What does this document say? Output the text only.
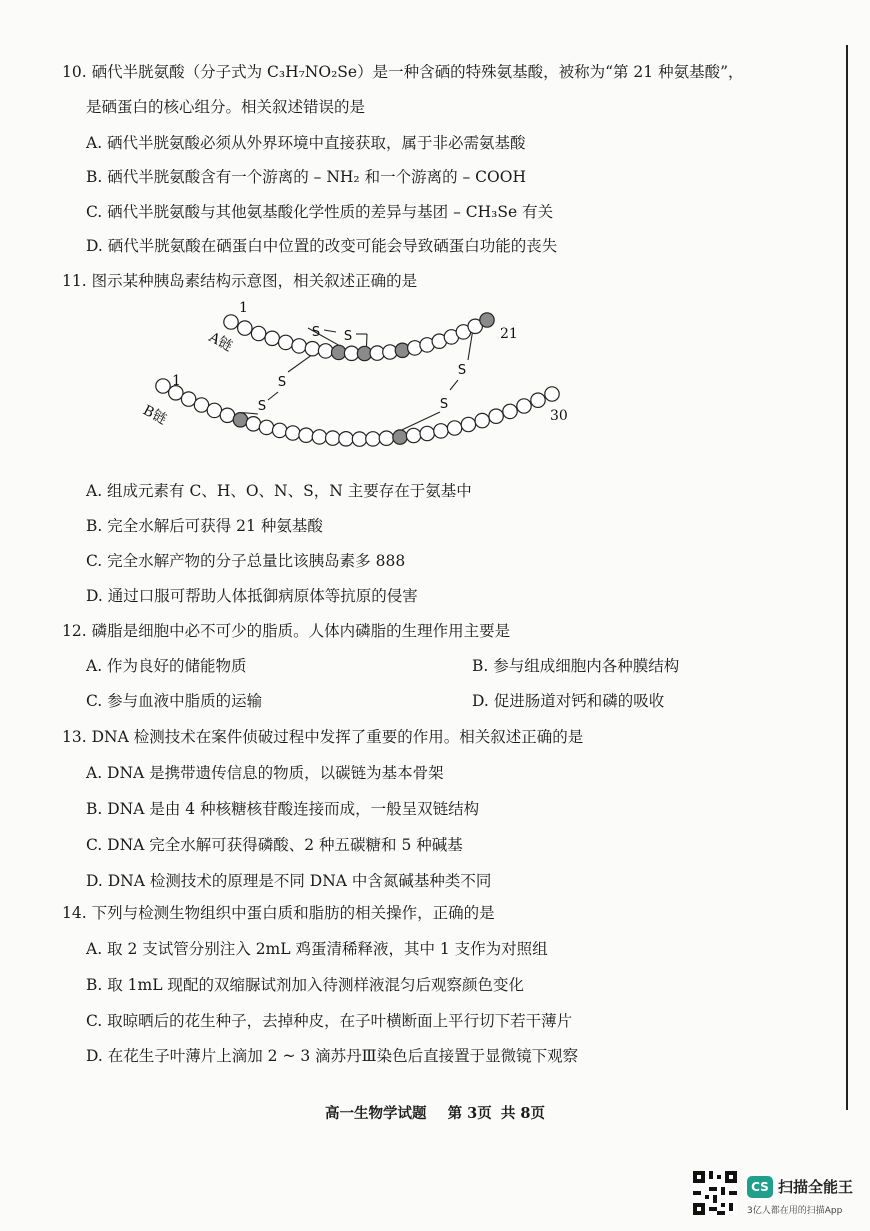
10. 硒代半胱氨酸（分子式为 C₃H₇NO₂Se）是一种含硒的特殊氨基酸，被称为“第 21 种氨基酸”，
是硒蛋白的核心组分。相关叙述错误的是
A. 硒代半胱氨酸必须从外界环境中直接获取，属于非必需氨基酸
B. 硒代半胱氨酸含有一个游离的 – NH₂ 和一个游离的 – COOH
C. 硒代半胱氨酸与其他氨基酸化学性质的差异与基团 – CH₃Se 有关
D. 硒代半胱氨酸在硒蛋白中位置的改变可能会导致硒蛋白功能的丧失
11. 图示某种胰岛素结构示意图，相关叙述正确的是
S S
S
S
S
S
1
21
1
30
A链
B链
A. 组成元素有 C、H、O、N、S，N 主要存在于氨基中
B. 完全水解后可获得 21 种氨基酸
C. 完全水解产物的分子总量比该胰岛素多 888
D. 通过口服可帮助人体抵御病原体等抗原的侵害
12. 磷脂是细胞中必不可少的脂质。人体内磷脂的生理作用主要是
A. 作为良好的储能物质	B. 参与组成细胞内各种膜结构
C. 参与血液中脂质的运输	D. 促进肠道对钙和磷的吸收
13. DNA 检测技术在案件侦破过程中发挥了重要的作用。相关叙述正确的是
A. DNA 是携带遗传信息的物质，以碳链为基本骨架
B. DNA 是由 4 种核糖核苷酸连接而成，一般呈双链结构
C. DNA 完全水解可获得磷酸、2 种五碳糖和 5 种碱基
D. DNA 检测技术的原理是不同 DNA 中含氮碱基种类不同
14. 下列与检测生物组织中蛋白质和脂肪的相关操作，正确的是
A. 取 2 支试管分别注入 2mL 鸡蛋清稀释液，其中 1 支作为对照组
B. 取 1mL 现配的双缩脲试剂加入待测样液混匀后观察颜色变化
C. 取晾晒后的花生种子，去掉种皮，在子叶横断面上平行切下若干薄片
D. 在花生子叶薄片上滴加 2 ~ 3 滴苏丹Ⅲ染色后直接置于显微镜下观察
高一生物学试题 第 3页 共 8页
CS 扫描全能王
3亿人都在用的扫描App
